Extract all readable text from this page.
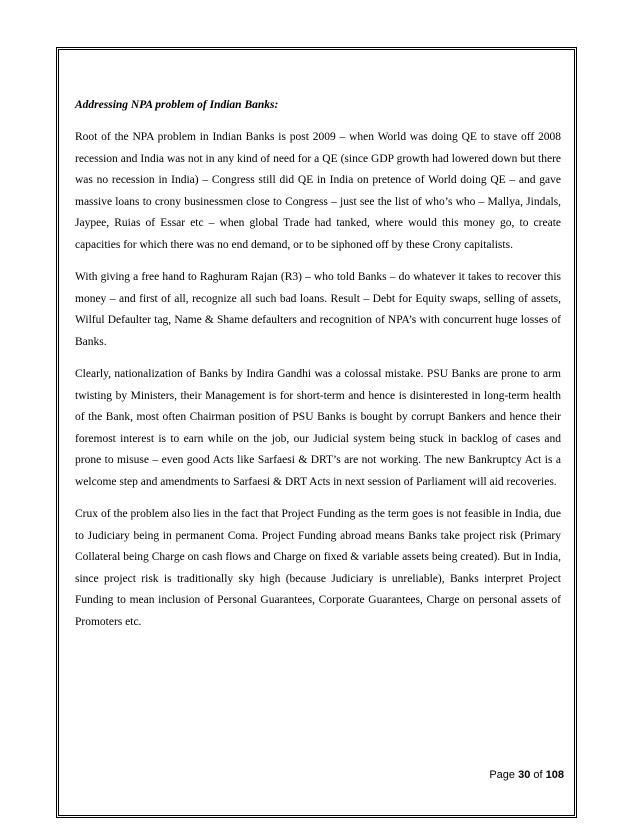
Addressing NPA problem of Indian Banks:

Root of the NPA problem in Indian Banks is post 2009 – when World was doing QE to stave off 2008 recession and India was not in any kind of need for a QE (since GDP growth had lowered down but there was no recession in India) – Congress still did QE in India on pretence of World doing QE – and gave massive loans to crony businessmen close to Congress – just see the list of who’s who – Mallya, Jindals, Jaypee, Ruias of Essar etc – when global Trade had tanked, where would this money go, to create capacities for which there was no end demand, or to be siphoned off by these Crony capitalists.

With giving a free hand to Raghuram Rajan (R3) – who told Banks – do whatever it takes to recover this money – and first of all, recognize all such bad loans. Result – Debt for Equity swaps, selling of assets, Wilful Defaulter tag, Name & Shame defaulters and recognition of NPA’s with concurrent huge losses of Banks.

Clearly, nationalization of Banks by Indira Gandhi was a colossal mistake. PSU Banks are prone to arm twisting by Ministers, their Management is for short-term and hence is disinterested in long-term health of the Bank, most often Chairman position of PSU Banks is bought by corrupt Bankers and hence their foremost interest is to earn while on the job, our Judicial system being stuck in backlog of cases and prone to misuse – even good Acts like Sarfaesi & DRT’s are not working. The new Bankruptcy Act is a welcome step and amendments to Sarfaesi & DRT Acts in next session of Parliament will aid recoveries.

Crux of the problem also lies in the fact that Project Funding as the term goes is not feasible in India, due to Judiciary being in permanent Coma. Project Funding abroad means Banks take project risk (Primary Collateral being Charge on cash flows and Charge on fixed & variable assets being created). But in India, since project risk is traditionally sky high (because Judiciary is unreliable), Banks interpret Project Funding to mean inclusion of Personal Guarantees, Corporate Guarantees, Charge on personal assets of Promoters etc.

Page 30 of 108
